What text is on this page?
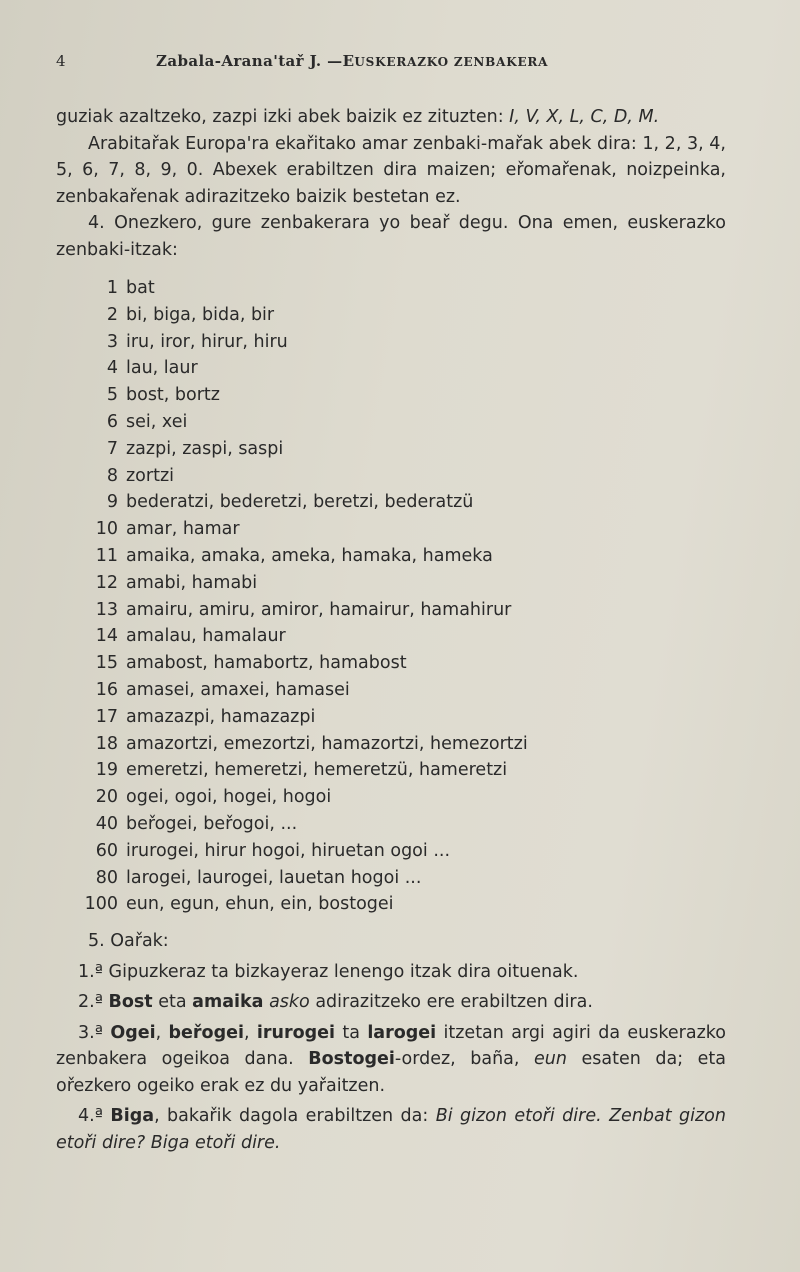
4	Zabala-Arana'tař J. —EUSKERAZKO ZENBAKERA

guziak azaltzeko, zazpi izki abek baizik ez zituzten: I, V, X, L, C, D, M.

Arabitařak Europa'ra ekařitako amar zenbaki-mařak abek dira: 1, 2, 3, 4, 5, 6, 7, 8, 9, 0. Abexek erabiltzen dira maizen; eřomařenak, noizpeinka, zenbakařenak adirazitzeko baizik bestetan ez.

4. Onezkero, gure zenbakerara yo beař degu. Ona emen, euskerazko zenbaki-itzak:

1 bat
2 bi, biga, bida, bir
3 iru, iror, hirur, hiru
4 lau, laur
5 bost, bortz
6 sei, xei
7 zazpi, zaspi, saspi
8 zortzi
9 bederatzi, bederetzi, beretzi, bederatzü
10 amar, hamar
11 amaika, amaka, ameka, hamaka, hameka
12 amabi, hamabi
13 amairu, amiru, amiror, hamairur, hamahirur
14 amalau, hamalaur
15 amabost, hamabortz, hamabost
16 amasei, amaxei, hamasei
17 amazazpi, hamazazpi
18 amazortzi, emezortzi, hamazortzi, hemezortzi
19 emeretzi, hemeretzi, hemeretzü, hameretzi
20 ogei, ogoi, hogei, hogoi
40 beřogei, beřogoi, ...
60 irurogei, hirur hogoi, hiruetan ogoi ...
80 larogei, laurogei, lauetan hogoi ...
100 eun, egun, ehun, ein, bostogei

5. Oařak:

1.ª Gipuzkeraz ta bizkayeraz lenengo itzak dira oituenak.

2.ª Bost eta amaika asko adirazitzeko ere erabiltzen dira.

3.ª Ogei, beřogei, irurogei ta larogei itzetan argi agiri da euskerazko zenbakera ogeikoa dana. Bostogei-ordez, baña, eun esaten da; eta ořezkero ogeiko erak ez du yařaitzen.

4.ª Biga, bakařik dagola erabiltzen da: Bi gizon etoři dire. Zenbat gizon etoři dire? Biga etoři dire.
